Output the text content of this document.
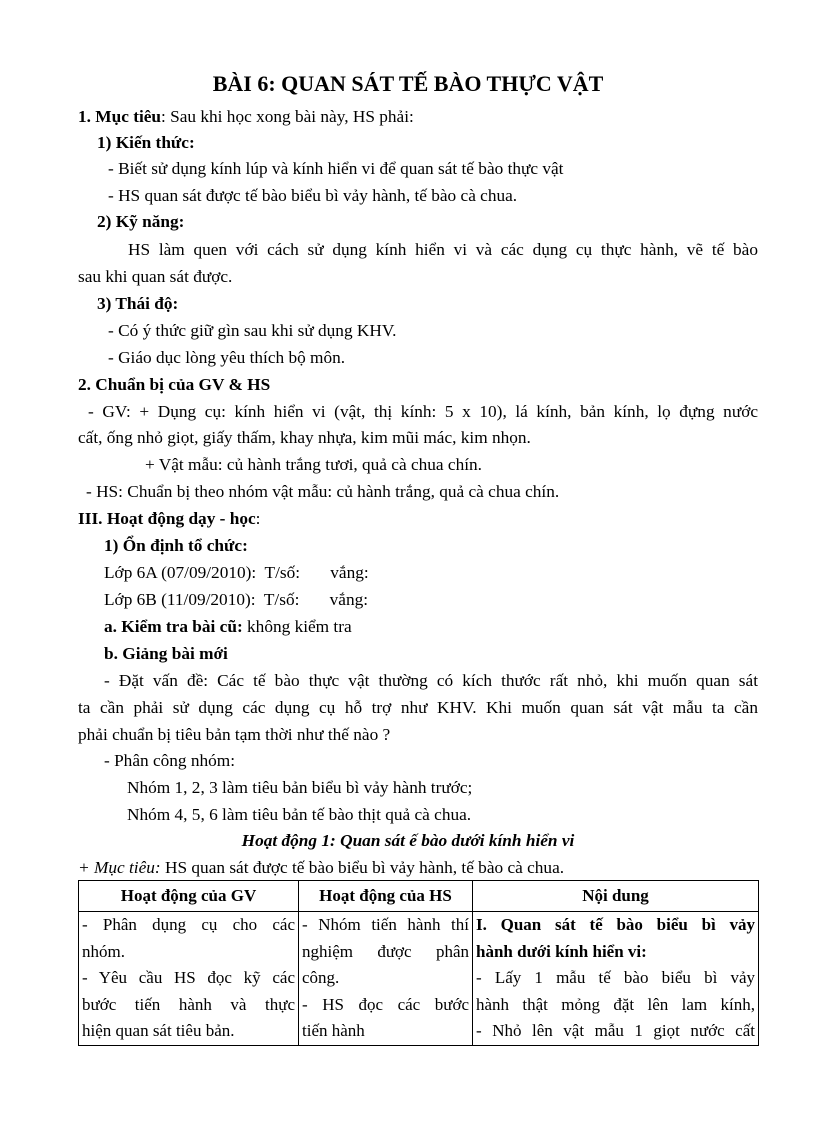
BÀI 6: QUAN SÁT TẾ BÀO THỰC VẬT
1. Mục tiêu: Sau khi học xong bài này, HS phải:
1) Kiến thức:
- Biết sử dụng kính lúp và kính hiển vi để quan sát tế bào thực vật
- HS quan sát được tế bào biểu bì vảy hành, tế bào cà chua.
2) Kỹ năng:
HS làm quen với cách sử dụng kính hiển vi và các dụng cụ thực hành, vẽ tế bào
sau khi quan sát được.
3) Thái độ:
- Có ý thức giữ gìn sau khi sử dụng KHV.
- Giáo dục lòng yêu thích bộ môn.
2. Chuẩn bị của GV & HS
- GV: + Dụng cụ: kính hiển vi (vật, thị kính: 5 x 10), lá kính, bản kính, lọ đựng nước
cất, ống nhỏ giọt, giấy thấm, khay nhựa, kim mũi mác, kim nhọn.
+ Vật mẫu: củ hành trắng tươi, quả cà chua chín.
- HS: Chuẩn bị theo nhóm vật mẫu: củ hành trắng, quả cà chua chín.
III. Hoạt động dạy - học:
1) Ổn định tổ chức:
Lớp 6A (07/09/2010):  T/số:       vắng:
Lớp 6B (11/09/2010):  T/số:       vắng:
a. Kiểm tra bài cũ: không kiểm tra
b. Giảng bài mới
- Đặt vấn đề: Các tế bào thực vật thường có kích thước rất nhỏ, khi muốn quan sát
ta cần phải sử dụng các dụng cụ hỗ trợ như KHV. Khi muốn quan sát vật mẫu ta cần
phải chuẩn bị tiêu bản tạm thời như thế nào ?
- Phân công nhóm:
Nhóm 1, 2, 3 làm tiêu bản biểu bì vảy hành trước;
Nhóm 4, 5, 6 làm tiêu bản tế bào thịt quả cà chua.
Hoạt động 1: Quan sát ế bào dưới kính hiển vi
+ Mục tiêu: HS quan sát được tế bào biểu bì vảy hành, tế bào cà chua.
Hoạt động của GV	Hoạt động của HS	Nội dung

- Phân dụng cụ cho các
nhóm.
- Yêu cầu HS đọc kỹ các
bước tiến hành và thực
hiện quan sát tiêu bản.	- Nhóm tiến hành thí
nghiệm được phân
công.
- HS đọc các bước
tiến hành	I. Quan sát tế bào biểu bì vảy
hành dưới kính hiển vi:
- Lấy 1 mẫu tế bào biểu bì vảy
hành thật mỏng đặt lên lam kính,
- Nhỏ lên vật mẫu 1 giọt nước cất
